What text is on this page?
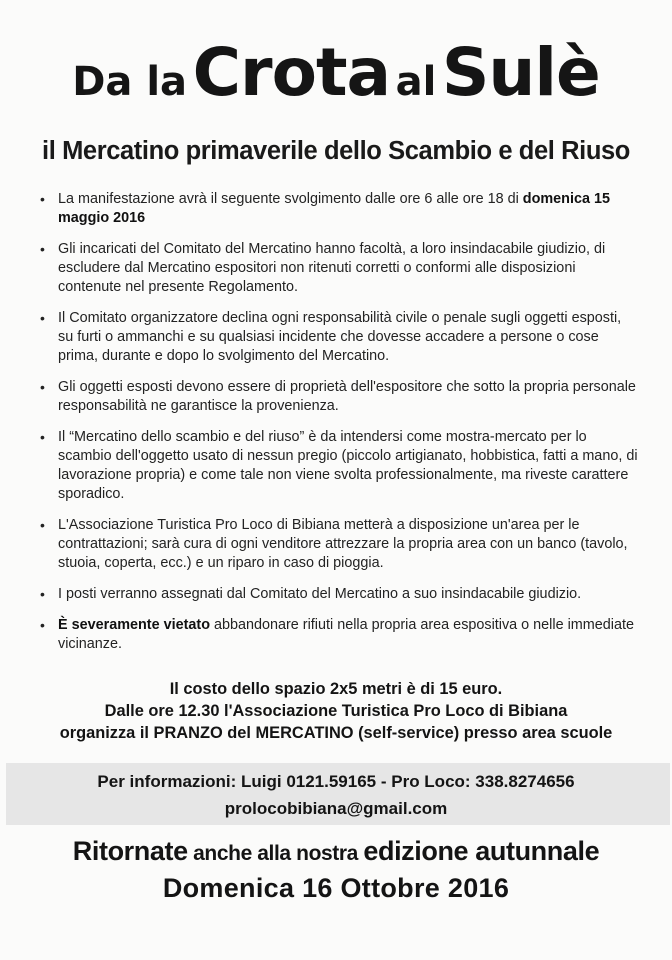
Da la Crota al Sulè
il Mercatino primaverile dello Scambio e del Riuso
• La manifestazione avrà il seguente svolgimento dalle ore 6 alle ore 18 di domenica 15 maggio 2016
• Gli incaricati del Comitato del Mercatino hanno facoltà, a loro insindacabile giudizio, di escludere dal Mercatino espositori non ritenuti corretti o conformi alle disposizioni contenute nel presente Regolamento.
• Il Comitato organizzatore declina ogni responsabilità civile o penale sugli oggetti esposti, su furti o ammanchi e su qualsiasi incidente che dovesse accadere a persone o cose prima, durante e dopo lo svolgimento del Mercatino.
• Gli oggetti esposti devono essere di proprietà dell'espositore che sotto la propria personale responsabilità ne garantisce la provenienza.
• Il “Mercatino dello scambio e del riuso” è da intendersi come mostra-mercato per lo scambio dell'oggetto usato di nessun pregio (piccolo artigianato, hobbistica, fatti a mano, di lavorazione propria) e come tale non viene svolta professionalmente, ma riveste carattere sporadico.
• L'Associazione Turistica Pro Loco di Bibiana metterà a disposizione un'area per le contrattazioni; sarà cura di ogni venditore attrezzare la propria area con un banco (tavolo, stuoia, coperta, ecc.) e un riparo in caso di pioggia.
• I posti verranno assegnati dal Comitato del Mercatino a suo insindacabile giudizio.
• È severamente vietato abbandonare rifiuti nella propria area espositiva o nelle immediate vicinanze.
Il costo dello spazio 2x5 metri è di 15 euro.
Dalle ore 12.30 l'Associazione Turistica Pro Loco di Bibiana
organizza il PRANZO del MERCATINO (self-service) presso area scuole
Per informazioni: Luigi 0121.59165 - Pro Loco: 338.8274656
prolocobibiana@gmail.com
Ritornate anche alla nostra edizione autunnale
Domenica 16 Ottobre 2016
